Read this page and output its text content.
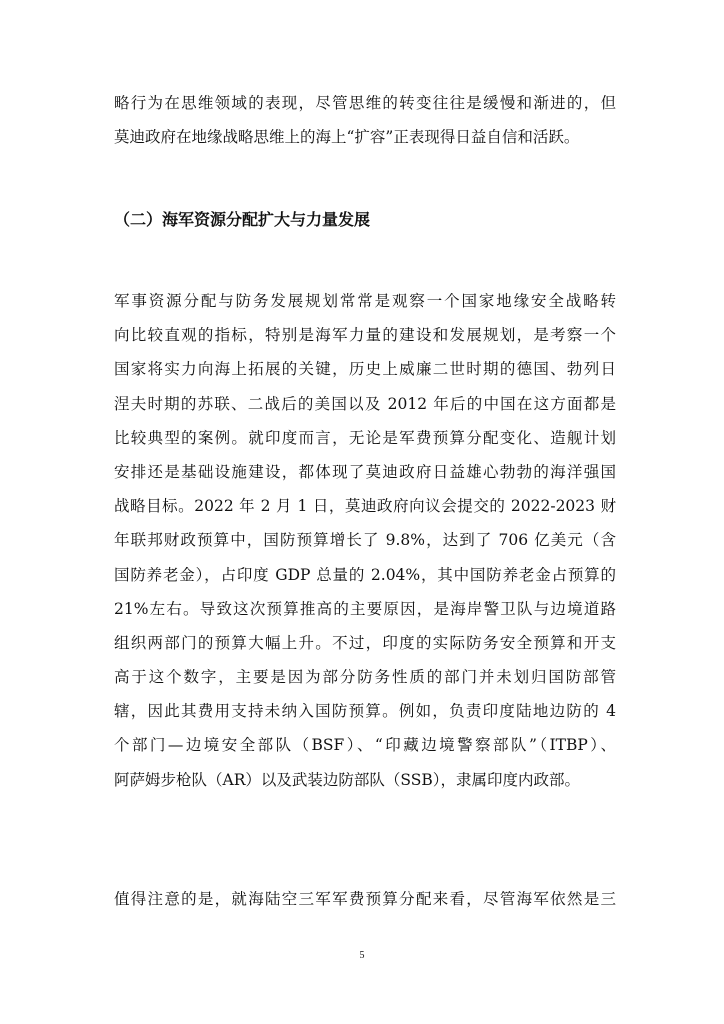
略行为在思维领域的表现，尽管思维的转变往往是缓慢和渐进的，但
莫迪政府在地缘战略思维上的海上“扩容”正表现得日益自信和活跃。
（二）海军资源分配扩大与力量发展
军事资源分配与防务发展规划常常是观察一个国家地缘安全战略转
向比较直观的指标，特别是海军力量的建设和发展规划，是考察一个
国家将实力向海上拓展的关键，历史上威廉二世时期的德国、勃列日
涅夫时期的苏联、二战后的美国以及 2012 年后的中国在这方面都是
比较典型的案例。就印度而言，无论是军费预算分配变化、造舰计划
安排还是基础设施建设，都体现了莫迪政府日益雄心勃勃的海洋强国
战略目标。2022 年 2 月 1 日，莫迪政府向议会提交的 2022-2023 财
年联邦财政预算中，国防预算增长了 9.8%，达到了 706 亿美元（含
国防养老金），占印度 GDP 总量的 2.04%，其中国防养老金占预算的
21%左右。导致这次预算推高的主要原因，是海岸警卫队与边境道路
组织两部门的预算大幅上升。不过，印度的实际防务安全预算和开支
高于这个数字，主要是因为部分防务性质的部门并未划归国防部管
辖，因此其费用支持未纳入国防预算。例如，负责印度陆地边防的 4
个部门—边境安全部队（BSF）、“印藏边境警察部队”（ITBP）、
阿萨姆步枪队（AR）以及武装边防部队（SSB），隶属印度内政部。
值得注意的是，就海陆空三军军费预算分配来看，尽管海军依然是三
5
